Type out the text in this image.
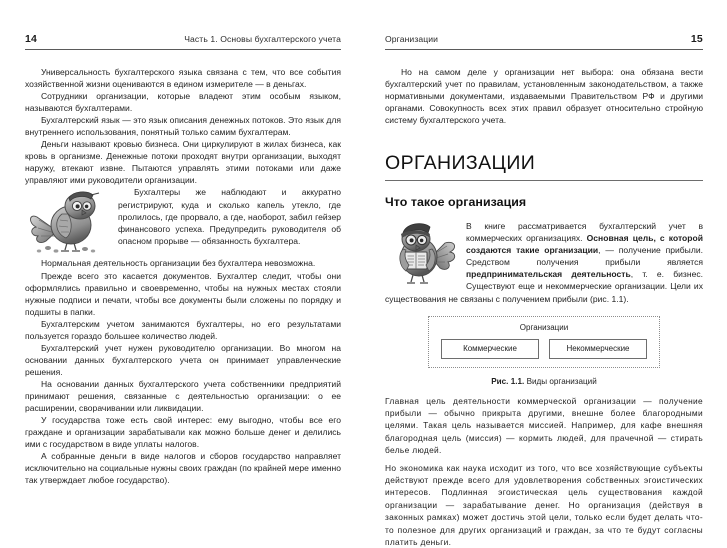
14	Часть 1. Основы бухгалтерского учета

Универсальность бухгалтерского языка связана с тем, что все события хозяйственной жизни оцениваются в едином измерителе — в деньгах.

Сотрудники организации, которые владеют этим особым языком, называются бухгалтерами.

Бухгалтерский язык — это язык описания денежных потоков. Это язык для внутреннего использования, понятный только самим бухгалтерам.

Деньги называют кровью бизнеса. Они циркулируют в жилах бизнеса, как кровь в организме. Денежные потоки проходят внутри организации, выходят наружу, втекают извне. Пытаются управлять этими потоками или даже управляют ими руководители организации.

Бухгалтеры же наблюдают и аккуратно регистрируют, куда и сколько капель утекло, где пролилось, где прорвало, а где, наоборот, забил гейзер финансового успеха. Предупредить руководителя об опасном прорыве — обязанность бухгалтера.

Нормальная деятельность организации без бухгалтера невозможна.

Прежде всего это касается документов. Бухгалтер следит, чтобы они оформлялись правильно и своевременно, чтобы на нужных местах стояли нужные подписи и печати, чтобы все документы были сложены по порядку и подшиты в папки.

Бухгалтерским учетом занимаются бухгалтеры, но его результатами пользуется гораздо большее количество людей.

Бухгалтерский учет нужен руководителю организации. Во многом на основании данных бухгалтерского учета он принимает управленческие решения.

На основании данных бухгалтерского учета собственники предприятий принимают решения, связанные с деятельностью организации: о ее расширении, сворачивании или ликвидации.

У государства тоже есть свой интерес: ему выгодно, чтобы все его граждане и организации зарабатывали как можно больше денег и делились ими с государством в виде уплаты налогов.

А собранные деньги в виде налогов и сборов государство направляет исключительно на социальные нужны своих граждан (по крайней мере именно так утверждает любое государство).

Организации	15

Но на самом деле у организации нет выбора: она обязана вести бухгалтерский учет по правилам, установленным законодательством, а также нормативными документами, издаваемыми Правительством РФ и другими органами. Совокупность всех этих правил образует относительно стройную систему бухгалтерского учета.

ОРГАНИЗАЦИИ
Что такое организация

В книге рассматривается бухгалтерский учет в коммерческих организациях. Основная цель, с которой создаются такие организации, — получение прибыли. Средством получения прибыли является предпринимательская деятельность, т. е. бизнес. Существуют еще и некоммерческие организации. Цели их существования не связаны с получением прибыли (рис. 1.1).

Организации
Коммерческие	Некоммерческие
Рис. 1.1. Виды организаций

Главная цель деятельности коммерческой организации — получение прибыли — обычно прикрыта другими, внешне более благородными целями. Такая цель называется миссией. Например, для кафе внешняя благородная цель (миссия) — кормить людей, для прачечной — стирать белье людей.

Но экономика как наука исходит из того, что все хозяйствующие субъекты действуют прежде всего для удовлетворения собственных эгоистических интересов. Подлинная эгоистическая цель существования каждой организации — зарабатывание денег. Но организация (действуя в законных рамках) может достичь этой цели, только если будет делать что-то полезное для других организаций и граждан, за что те будут согласны платить деньги.
